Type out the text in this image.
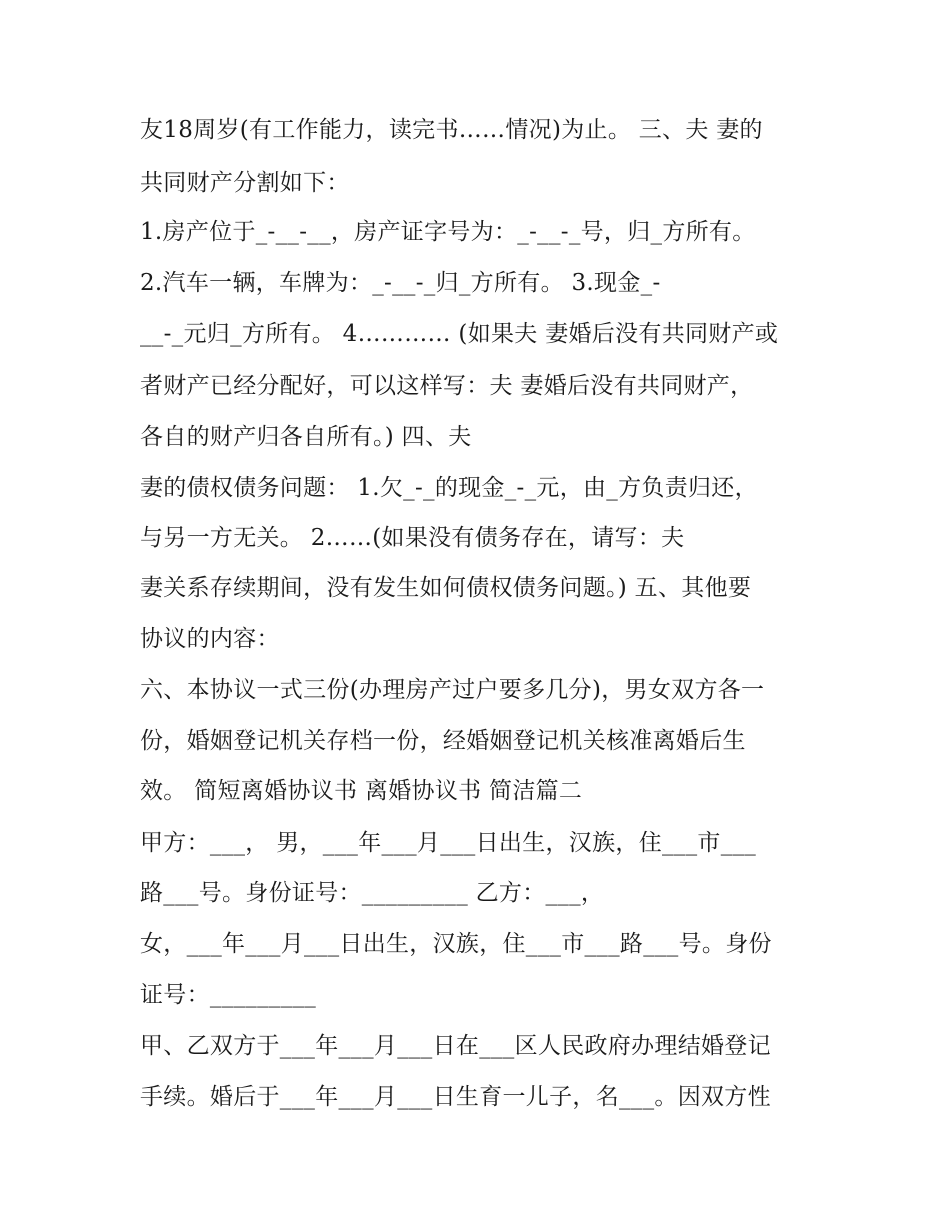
友18周岁(有工作能力，读完书……情况)为止。 三、夫 妻的

共同财产分割如下：

1.房产位于_-__-__，房产证字号为：_-__-_号，归_方所有。

2.汽车一辆，车牌为：_-__-_归_方所有。 3.现金_-

__-_元归_方所有。 4………… (如果夫 妻婚后没有共同财产或

者财产已经分配好，可以这样写：夫 妻婚后没有共同财产，

各自的财产归各自所有。) 四、夫

妻的债权债务问题： 1.欠_-_的现金_-_元，由_方负责归还，

与另一方无关。 2……(如果没有债务存在，请写：夫

妻关系存续期间，没有发生如何债权债务问题。) 五、其他要

协议的内容：

六、本协议一式三份(办理房产过户要多几分)，男女双方各一

份，婚姻登记机关存档一份，经婚姻登记机关核准离婚后生

效。 简短离婚协议书 离婚协议书 简洁篇二

甲方：___， 男，___年___月___日出生，汉族，住___市___

路___号。身份证号：_________ 乙方：___，

女，___年___月___日出生，汉族，住___市___路___号。身份

证号：_________

甲、乙双方于___年___月___日在___区人民政府办理结婚登记

手续。婚后于___年___月___日生育一儿子，名___。因双方性
